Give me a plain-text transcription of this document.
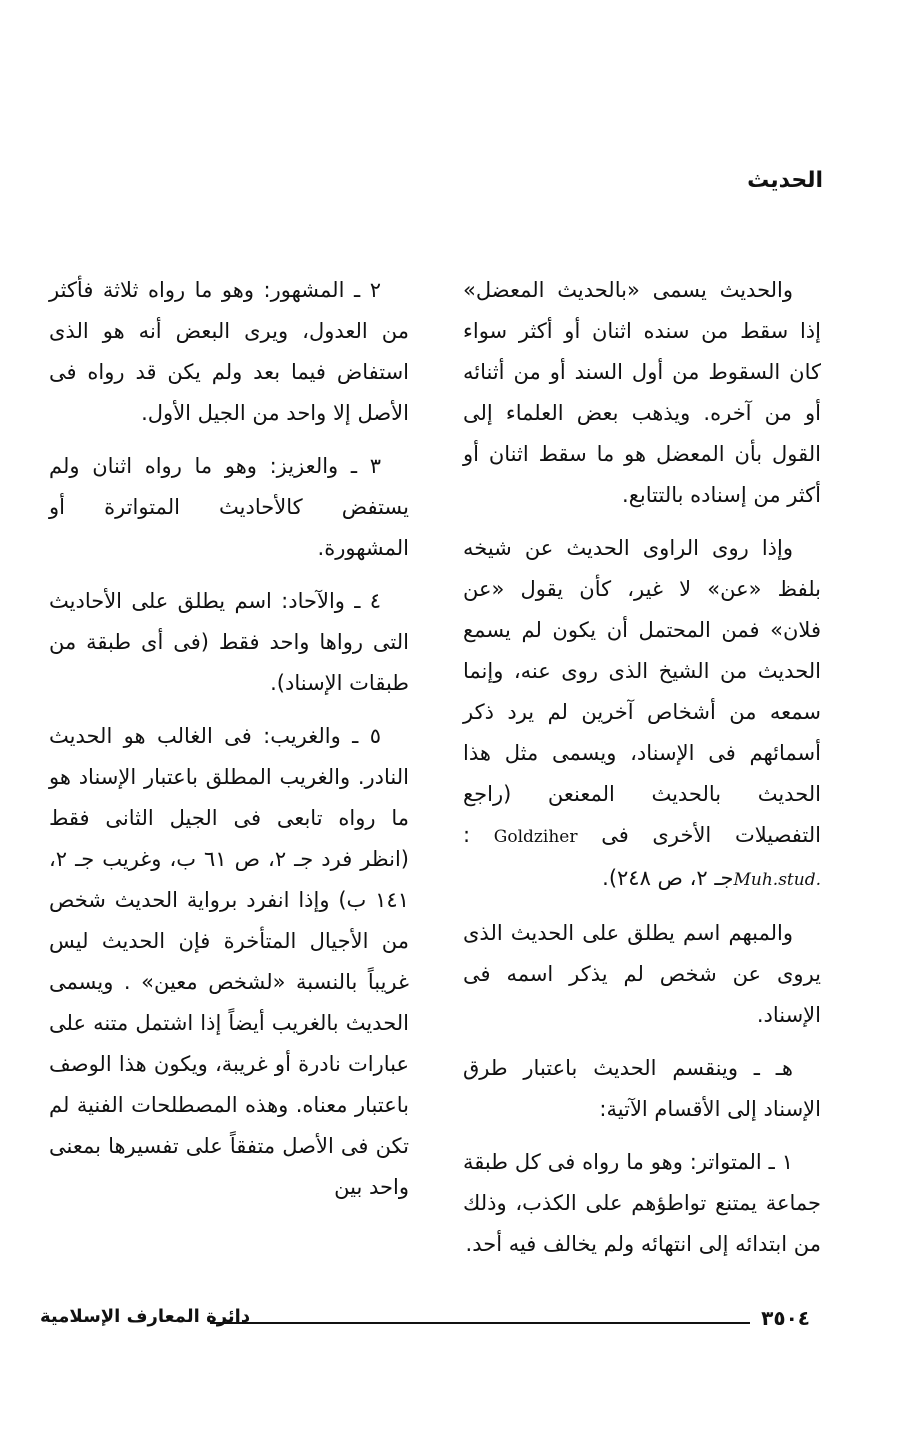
الحديث

والحديث يسمى «بالحديث المعضل» إذا سقط من سنده اثنان أو أكثر سواء كان السقوط من أول السند أو من أثنائه أو من آخره. ويذهب بعض العلماء إلى القول بأن المعضل هو ما سقط اثنان أو أكثر من إسناده بالتتابع.

وإذا روى الراوى الحديث عن شيخه بلفظ «عن» لا غير، كأن يقول «عن فلان» فمن المحتمل أن يكون لم يسمع الحديث من الشيخ الذى روى عنه، وإنما سمعه من أشخاص آخرين لم يرد ذكر أسمائهم فى الإسناد، ويسمى مثل هذا الحديث بالحديث المعنعن (راجع التفصيلات الأخرى فى Goldziher : Muh.stud.جـ ٢، ص ٢٤٨).

والمبهم اسم يطلق على الحديث الذى يروى عن شخص لم يذكر اسمه فى الإسناد.

هـ ـ وينقسم الحديث باعتبار طرق الإسناد إلى الأقسام الآتية:

١ ـ المتواتر: وهو ما رواه فى كل طبقة جماعة يمتنع تواطؤهم على الكذب، وذلك من ابتدائه إلى انتهائه ولم يخالف فيه أحد.

٢ ـ المشهور: وهو ما رواه ثلاثة فأكثر من العدول، ويرى البعض أنه هو الذى استفاض فيما بعد ولم يكن قد رواه فى الأصل إلا واحد من الجيل الأول.

٣ ـ والعزيز: وهو ما رواه اثنان ولم يستفض كالأحاديث المتواترة أو المشهورة.

٤ ـ والآحاد: اسم يطلق على الأحاديث التى رواها واحد فقط (فى أى طبقة من طبقات الإسناد).

٥ ـ والغريب: فى الغالب هو الحديث النادر. والغريب المطلق باعتبار الإسناد هو ما رواه تابعى فى الجيل الثانى فقط (انظر فرد جـ ٢، ص ٦١ ب، وغريب جـ ٢، ١٤١ ب) وإذا انفرد برواية الحديث شخص من الأجيال المتأخرة فإن الحديث ليس غريباً بالنسبة «لشخص معين» . ويسمى الحديث بالغريب أيضاً إذا اشتمل متنه على عبارات نادرة أو غريبة، ويكون هذا الوصف باعتبار معناه. وهذه المصطلحات الفنية لم تكن فى الأصل متفقاً على تفسيرها بمعنى واحد بين

٣٥٠٤
دائرة المعارف الإسلامية
